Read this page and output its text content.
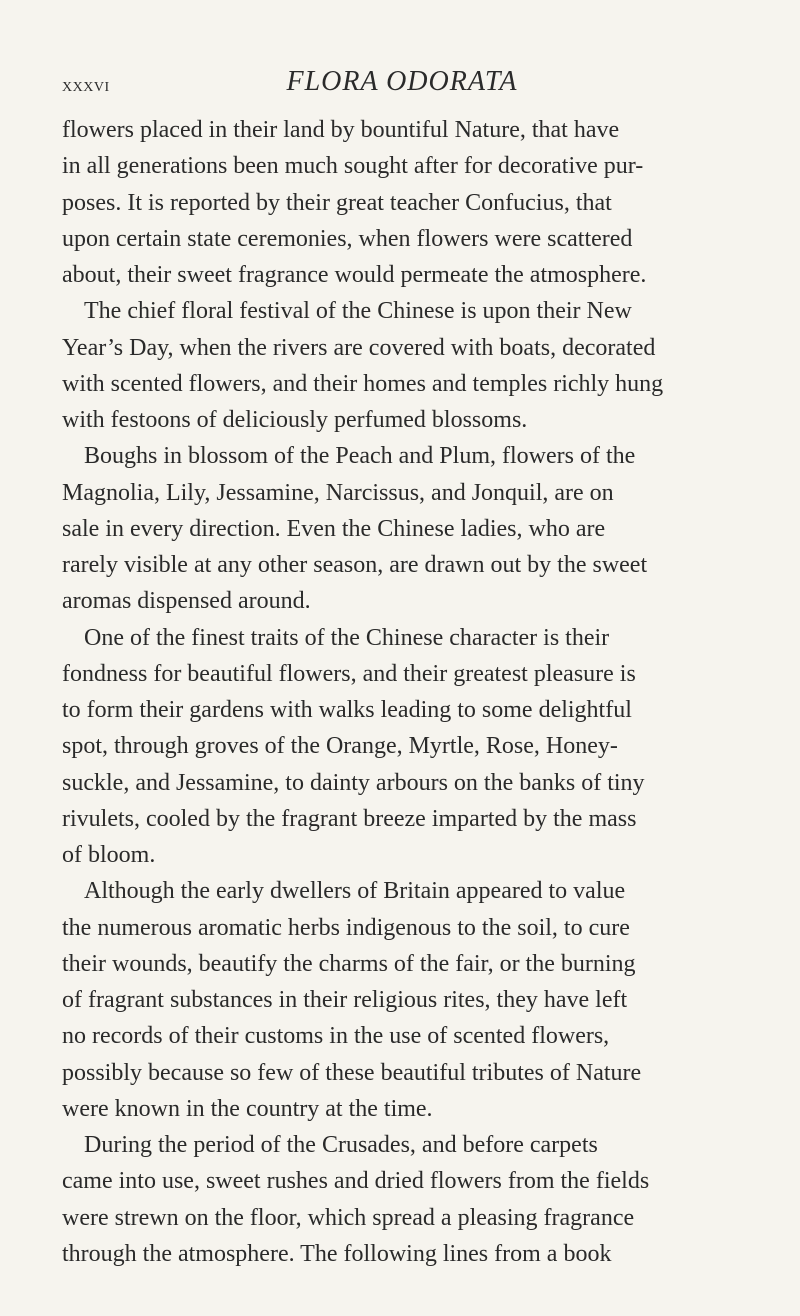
xxxvi	FLORA ODORATA
flowers placed in their land by bountiful Nature, that have
in all generations been much sought after for decorative pur-
poses. It is reported by their great teacher Confucius, that
upon certain state ceremonies, when flowers were scattered
about, their sweet fragrance would permeate the atmosphere.
The chief floral festival of the Chinese is upon their New
Year’s Day, when the rivers are covered with boats, decorated
with scented flowers, and their homes and temples richly hung
with festoons of deliciously perfumed blossoms.
Boughs in blossom of the Peach and Plum, flowers of the
Magnolia, Lily, Jessamine, Narcissus, and Jonquil, are on
sale in every direction. Even the Chinese ladies, who are
rarely visible at any other season, are drawn out by the sweet
aromas dispensed around.
One of the finest traits of the Chinese character is their
fondness for beautiful flowers, and their greatest pleasure is
to form their gardens with walks leading to some delightful
spot, through groves of the Orange, Myrtle, Rose, Honey-
suckle, and Jessamine, to dainty arbours on the banks of tiny
rivulets, cooled by the fragrant breeze imparted by the mass
of bloom.
Although the early dwellers of Britain appeared to value
the numerous aromatic herbs indigenous to the soil, to cure
their wounds, beautify the charms of the fair, or the burning
of fragrant substances in their religious rites, they have left
no records of their customs in the use of scented flowers,
possibly because so few of these beautiful tributes of Nature
were known in the country at the time.
During the period of the Crusades, and before carpets
came into use, sweet rushes and dried flowers from the fields
were strewn on the floor, which spread a pleasing fragrance
through the atmosphere. The following lines from a book
